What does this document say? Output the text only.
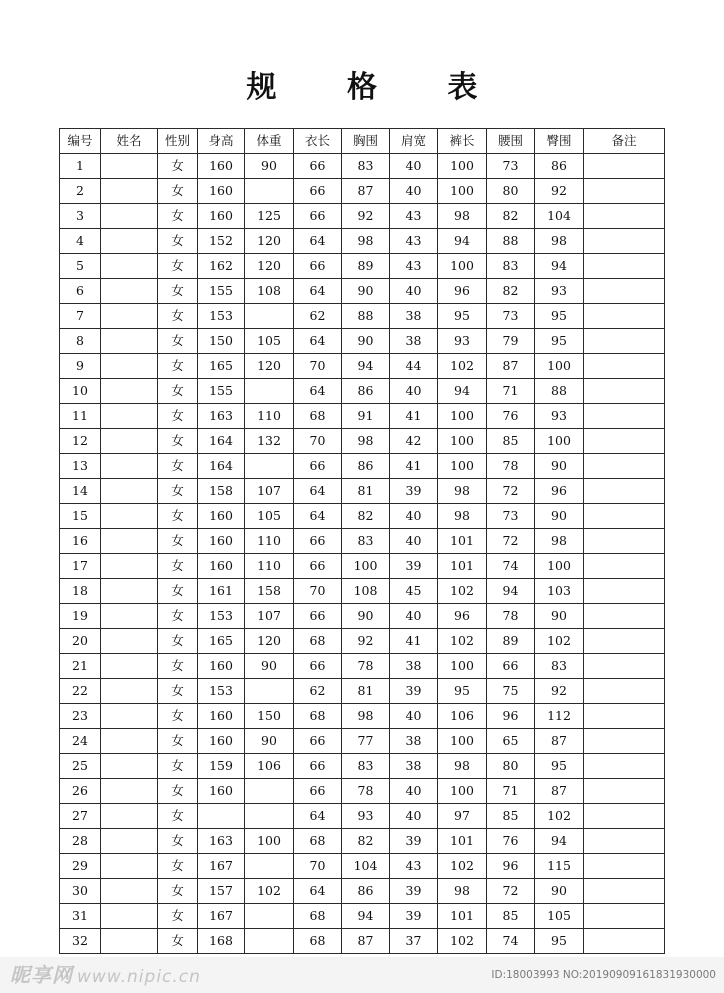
规 格 表
编号	姓名	性别	身高	体重	衣长	胸围	肩宽	裤长	腰围	臀围	备注
1		女	160	90	66	83	40	100	73	86	
2		女	160		66	87	40	100	80	92	
3		女	160	125	66	92	43	98	82	104	
4		女	152	120	64	98	43	94	88	98	
5		女	162	120	66	89	43	100	83	94	
6		女	155	108	64	90	40	96	82	93	
7		女	153		62	88	38	95	73	95	
8		女	150	105	64	90	38	93	79	95	
9		女	165	120	70	94	44	102	87	100	
10		女	155		64	86	40	94	71	88	
11		女	163	110	68	91	41	100	76	93	
12		女	164	132	70	98	42	100	85	100	
13		女	164		66	86	41	100	78	90	
14		女	158	107	64	81	39	98	72	96	
15		女	160	105	64	82	40	98	73	90	
16		女	160	110	66	83	40	101	72	98	
17		女	160	110	66	100	39	101	74	100	
18		女	161	158	70	108	45	102	94	103	
19		女	153	107	66	90	40	96	78	90	
20		女	165	120	68	92	41	102	89	102	
21		女	160	90	66	78	38	100	66	83	
22		女	153		62	81	39	95	75	92	
23		女	160	150	68	98	40	106	96	112	
24		女	160	90	66	77	38	100	65	87	
25		女	159	106	66	83	38	98	80	95	
26		女	160		66	78	40	100	71	87	
27		女			64	93	40	97	85	102	
28		女	163	100	68	82	39	101	76	94	
29		女	167		70	104	43	102	96	115	
30		女	157	102	64	86	39	98	72	90	
31		女	167		68	94	39	101	85	105	
32		女	168		68	87	37	102	74	95	
昵享网 www.nipic.cn	ID:18003993 NO:20190909161831930000
